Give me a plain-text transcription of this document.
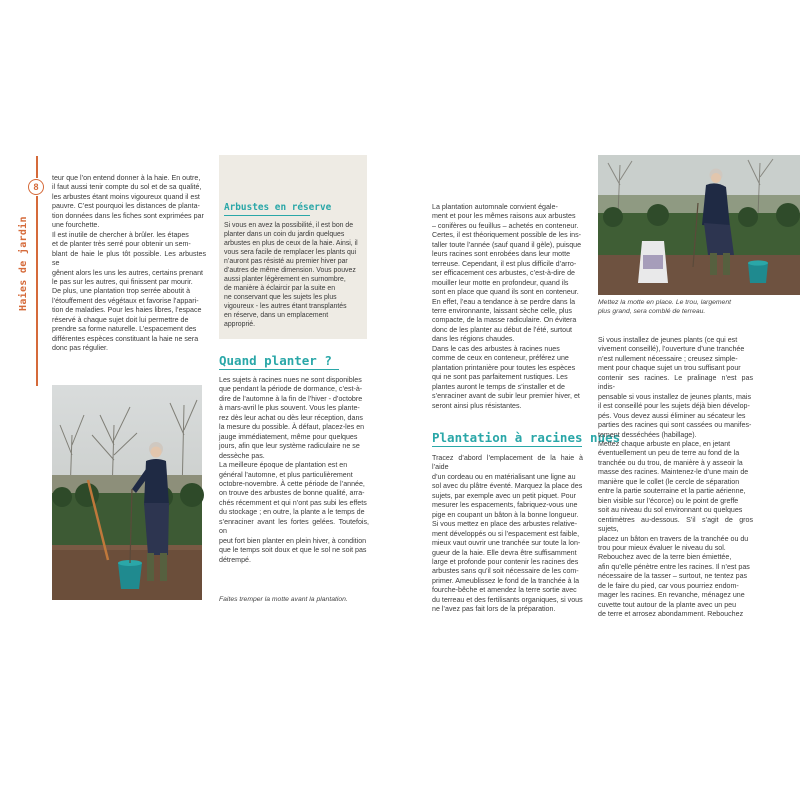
8
Haies de jardin
teur que l’on entend donner à la haie. En outre,
il faut aussi tenir compte du sol et de sa qualité,
les arbustes étant moins vigoureux quand il est
pauvre. C’est pourquoi les distances de planta-
tion données dans les fiches sont exprimées par
une fourchette.
Il est inutile de chercher à brûler. les étapes
et de planter très serré pour obtenir un sem-
blant de haie le plus tôt possible. Les arbustes se
gênent alors les uns les autres, certains prenant
le pas sur les autres, qui finissent par mourir.
De plus, une plantation trop serrée aboutit à
l’étouffement des végétaux et favorise l’appari-
tion de maladies. Pour les haies libres, l’espace
réservé à chaque sujet doit lui permettre de
prendre sa forme naturelle. L’espacement des
différentes espèces constituant la haie ne sera
donc pas régulier.
Faites tremper la motte avant la plantation.
Arbustes en réserve
Si vous en avez la possibilité, il est bon de
planter dans un coin du jardin quelques
arbustes en plus de ceux de la haie. Ainsi, il
vous sera facile de remplacer les plants qui
n’auront pas résisté au premier hiver par
d’autres de même dimension. Vous pouvez
aussi planter légèrement en surnombre,
de manière à éclaircir par la suite en
ne conservant que les sujets les plus
vigoureux - les autres étant transplantés
en réserve, dans un emplacement
approprié.
Quand planter ?
Les sujets à racines nues ne sont disponibles
que pendant la période de dormance, c’est-à-
dire de l’automne à la fin de l’hiver - d’octobre
à mars-avril le plus souvent. Vous les plante-
rez dès leur achat ou dès leur réception, dans
la mesure du possible. À défaut, placez-les en
jauge immédiatement, même pour quelques
jours, afin que leur système radiculaire ne se
dessèche pas.
La meilleure époque de plantation est en
général l’automne, et plus particulièrement
octobre-novembre. À cette période de l’année,
on trouve des arbustes de bonne qualité, arra-
chés récemment et qui n’ont pas subi les effets
du stockage ; en outre, la plante a le temps de
s’enraciner avant les fortes gelées. Toutefois, on
peut fort bien planter en plein hiver, à condition
que le temps soit doux et que le sol ne soit pas
détrempé.
La plantation automnale convient égale-
ment et pour les mêmes raisons aux arbustes
– conifères ou feuillus – achetés en conteneur.
Certes, il est théoriquement possible de les ins-
taller toute l’année (sauf quand il gèle), puisque
leurs racines sont enrobées dans leur motte
terreuse. Cependant, il est plus difficile d’arro-
ser efficacement ces arbustes, c’est-à-dire de
mouiller leur motte en profondeur, quand ils
sont en place que quand ils sont en conteneur.
En effet, l’eau a tendance à se perdre dans la
terre environnante, laissant sèche celle, plus
compacte, de la masse radiculaire. On évitera
donc de les planter au début de l’été, surtout
dans les régions chaudes.
Dans le cas des arbustes à racines nues
comme de ceux en conteneur, préférez une
plantation printanière pour toutes les espèces
qui ne sont pas parfaitement rustiques. Les
plantes auront le temps de s’installer et de
s’enraciner avant de subir leur premier hiver, et
seront ainsi plus résistantes.
Plantation à racines nues
Tracez d’abord l’emplacement de la haie à l’aide
d’un cordeau ou en matérialisant une ligne au
sol avec du plâtre éventé. Marquez la place des
sujets, par exemple avec un petit piquet. Pour
mesurer les espacements, fabriquez-vous une
pige en coupant un bâton à la bonne longueur.
Si vous mettez en place des arbustes relative-
ment développés ou si l’espacement est faible,
mieux vaut ouvrir une tranchée sur toute la lon-
gueur de la haie. Elle devra être suffisamment
large et profonde pour contenir les racines des
arbustes sans qu’il soit nécessaire de les com-
primer. Ameublissez le fond de la tranchée à la
fourche-bêche et amendez la terre sortie avec
du terreau et des fertilisants organiques, si vous
ne l’avez pas fait lors de la préparation.
Mettez la motte en place. Le trou, largement
plus grand, sera comblé de terreau.
Si vous installez de jeunes plants (ce qui est
vivement conseillé), l’ouverture d’une tranchée
n’est nullement nécessaire ; creusez simple-
ment pour chaque sujet un trou suffisant pour
contenir ses racines. Le pralinage n’est pas indis-
pensable si vous installez de jeunes plants, mais
il est conseillé pour les sujets déjà bien dévelop-
pés. Vous devez aussi éliminer au sécateur les
parties des racines qui sont cassées ou manifes-
tement desséchées (habillage).
Mettez chaque arbuste en place, en jetant
éventuellement un peu de terre au fond de la
tranchée ou du trou, de manière à y asseoir la
masse des racines. Maintenez-le d’une main de
manière que le collet (le cercle de séparation
entre la partie souterraine et la partie aérienne,
bien visible sur l’écorce) ou le point de greffe
soit au niveau du sol environnant ou quelques
centimètres au-dessous. S’il s’agit de gros sujets,
placez un bâton en travers de la tranchée ou du
trou pour mieux évaluer le niveau du sol.
Rebouchez avec de la terre bien émiettée,
afin qu’elle pénètre entre les racines. Il n’est pas
nécessaire de la tasser – surtout, ne tentez pas
de le faire du pied, car vous pourriez endom-
mager les racines. En revanche, ménagez une
cuvette tout autour de la plante avec un peu
de terre et arrosez abondamment. Rebouchez
